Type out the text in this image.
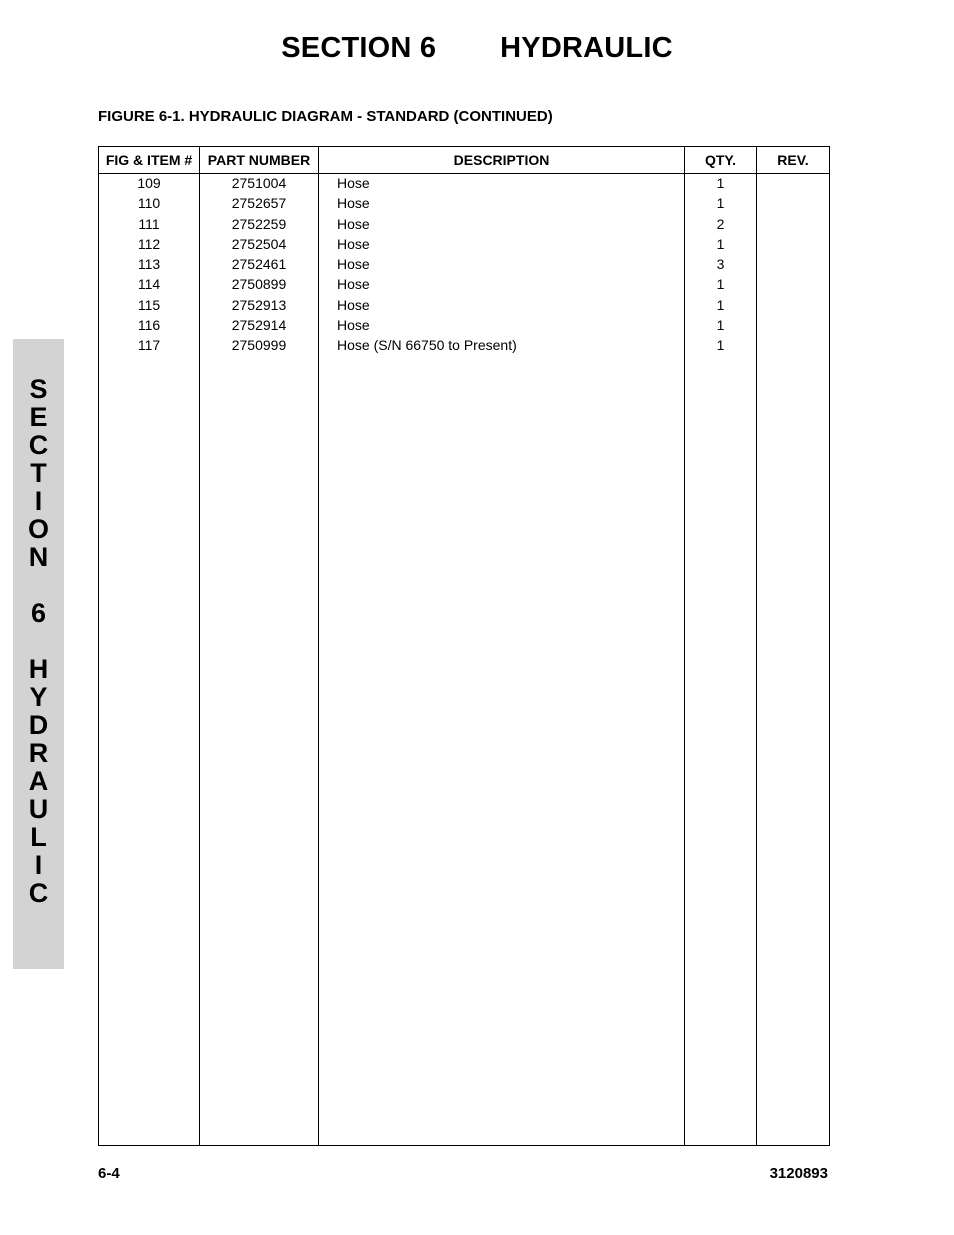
SECTION 6 HYDRAULIC
FIGURE 6-1. HYDRAULIC DIAGRAM - STANDARD (CONTINUED)
S
E
C
T
I
O
N
6
H
Y
D
R
A
U
L
I
C
FIG & ITEM #	PART NUMBER	DESCRIPTION	QTY.	REV.
109	2751004	Hose	1
110	2752657	Hose	1
111	2752259	Hose	2
112	2752504	Hose	1
113	2752461	Hose	3
114	2750899	Hose	1
115	2752913	Hose	1
116	2752914	Hose	1
117	2750999	Hose (S/N 66750 to Present)	1
6-4	3120893
